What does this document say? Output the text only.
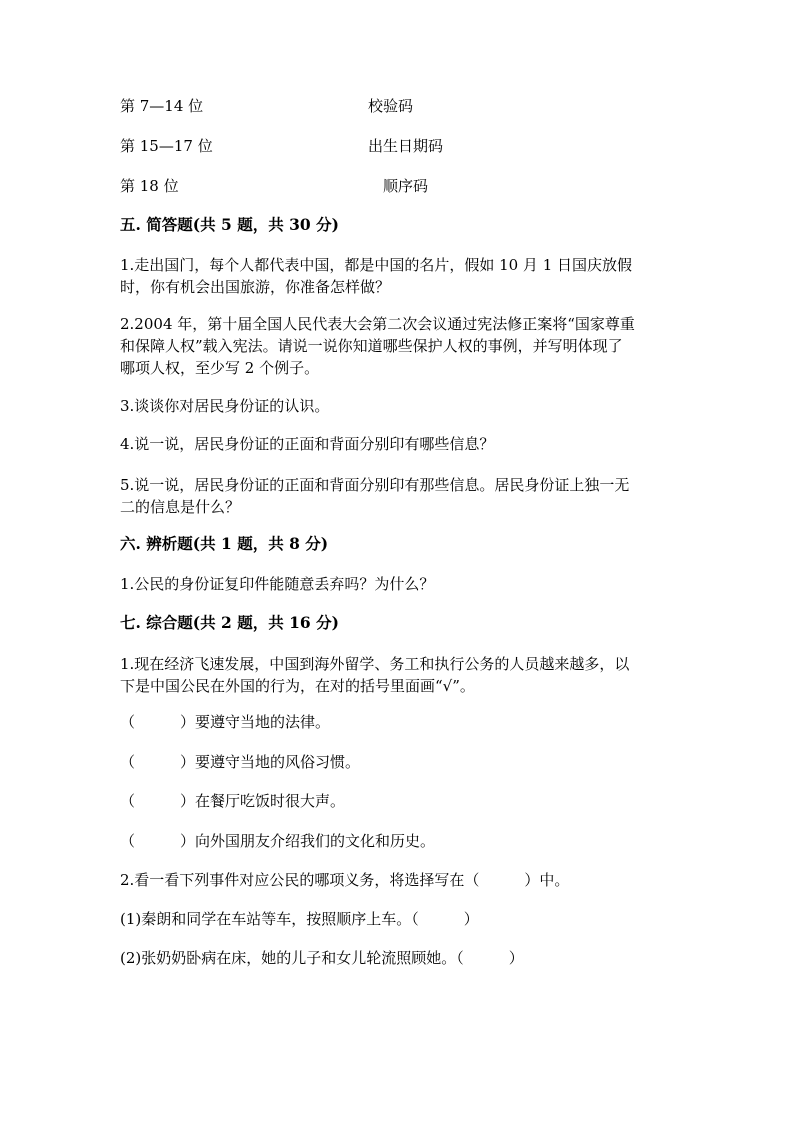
第 7—14 位	校验码
第 15—17 位	出生日期码
第 18 位	顺序码
五. 简答题(共 5 题，共 30 分)

1.走出国门，每个人都代表中国，都是中国的名片，假如 10 月 1 日国庆放假

时，你有机会出国旅游，你准备怎样做？

2.2004 年，第十届全国人民代表大会第二次会议通过宪法修正案将“国家尊重

和保障人权”载入宪法。请说一说你知道哪些保护人权的事例，并写明体现了

哪项人权，至少写 2 个例子。

3.谈谈你对居民身份证的认识。
4.说一说，居民身份证的正面和背面分别印有哪些信息？

5.说一说，居民身份证的正面和背面分别印有那些信息。居民身份证上独一无

二的信息是什么？

六. 辨析题(共 1 题，共 8 分)
1.公民的身份证复印件能随意丢弃吗？为什么？
七. 综合题(共 2 题，共 16 分)

1.现在经济飞速发展，中国到海外留学、务工和执行公务的人员越来越多，以

下是中国公民在外国的行为，在对的括号里面画“√”。

（　　　）要遵守当地的法律。
（　　　）要遵守当地的风俗习惯。
（　　　）在餐厅吃饭时很大声。
（　　　）向外国朋友介绍我们的文化和历史。
2.看一看下列事件对应公民的哪项义务，将选择写在（　　　）中。
(1)秦朗和同学在车站等车，按照顺序上车。（　　　）
(2)张奶奶卧病在床，她的儿子和女儿轮流照顾她。（　　　）
